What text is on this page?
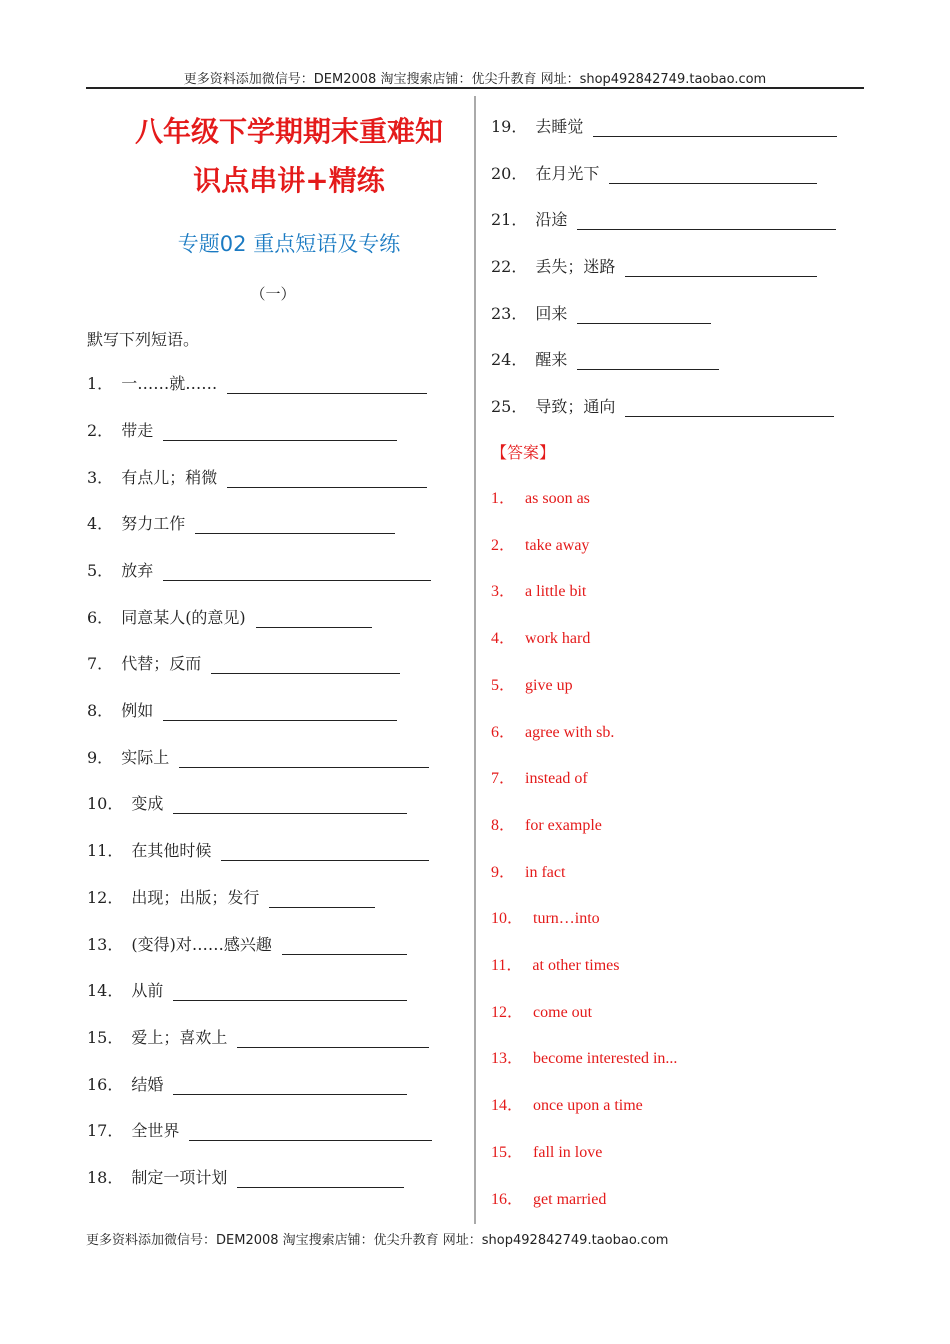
更多资料添加微信号：DEM2008 淘宝搜索店铺：优尖升教育 网址：shop492842749.taobao.com
八年级下学期期末重难知
识点串讲+精练
专题02 重点短语及专练
（一）
默写下列短语。
1． 一……就……
2． 带走
3． 有点儿；稍微
4． 努力工作
5． 放弃
6． 同意某人(的意见)
7． 代替；反而
8． 例如
9． 实际上
10． 变成
11． 在其他时候
12． 出现；出版；发行
13． (变得)对……感兴趣
14． 从前
15． 爱上；喜欢上
16． 结婚
17． 全世界
18． 制定一项计划
19． 去睡觉
20． 在月光下
21． 沿途
22． 丢失；迷路
23． 回来
24． 醒来
25． 导致；通向
【答案】
1． as soon as
2． take away
3． a little bit
4． work hard
5． give up
6． agree with sb.
7． instead of
8． for example
9． in fact
10． turn…into
11． at other times
12． come out
13． become interested in...
14． once upon a time
15． fall in love
16． get married
更多资料添加微信号：DEM2008 淘宝搜索店铺：优尖升教育 网址：shop492842749.taobao.com
